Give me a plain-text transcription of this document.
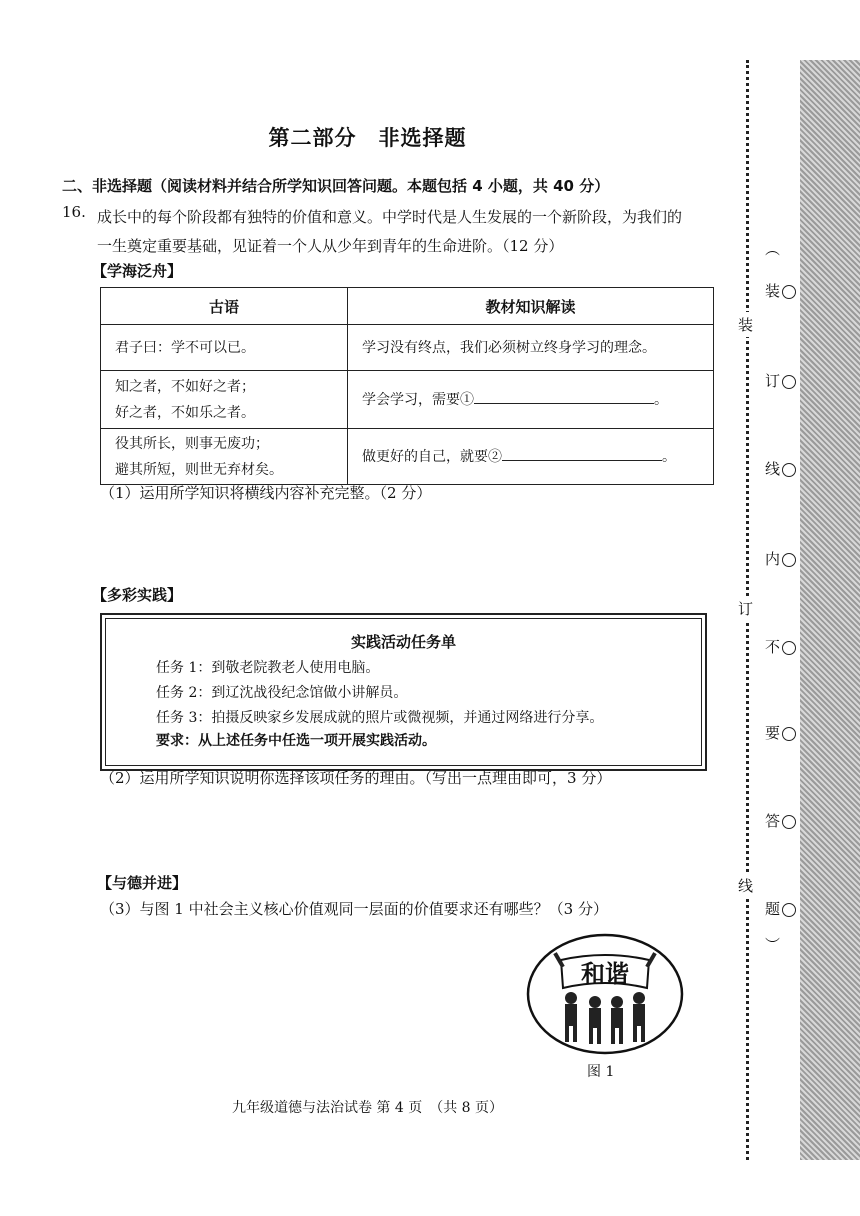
第二部分　非选择题
二、非选择题（阅读材料并结合所学知识回答问题。本题包括 4 小题，共 40 分）
16. 成长中的每个阶段都有独特的价值和意义。中学时代是人生发展的一个新阶段，为我们的
一生奠定重要基础，见证着一个人从少年到青年的生命进阶。（12 分）
【学海泛舟】
古语	教材知识解读

君子曰：学不可以已。	学习没有终点，我们必须树立终身学习的理念。

知之者，不如好之者；
好之者，不如乐之者。	学会学习，需要① 。

役其所长，则事无废功；
避其所短，则世无弃材矣。	做更好的自己，就要② 。
（1）运用所学知识将横线内容补充完整。（2 分）
【多彩实践】
实践活动任务单
任务 1：到敬老院教老人使用电脑。
任务 2：到辽沈战役纪念馆做小讲解员。
任务 3：拍摄反映家乡发展成就的照片或微视频，并通过网络进行分享。
要求：从上述任务中任选一项开展实践活动。
（2）运用所学知识说明你选择该项任务的理由。（写出一点理由即可，3 分）
【与德并进】
（3）与图 1 中社会主义核心价值观同一层面的价值要求还有哪些？（3 分）
和谐
图 1
九年级道德与法治试卷 第 4 页　（共 8 页）
装
订
线
︵
装
订
线
内
不
要
答
题
︶
